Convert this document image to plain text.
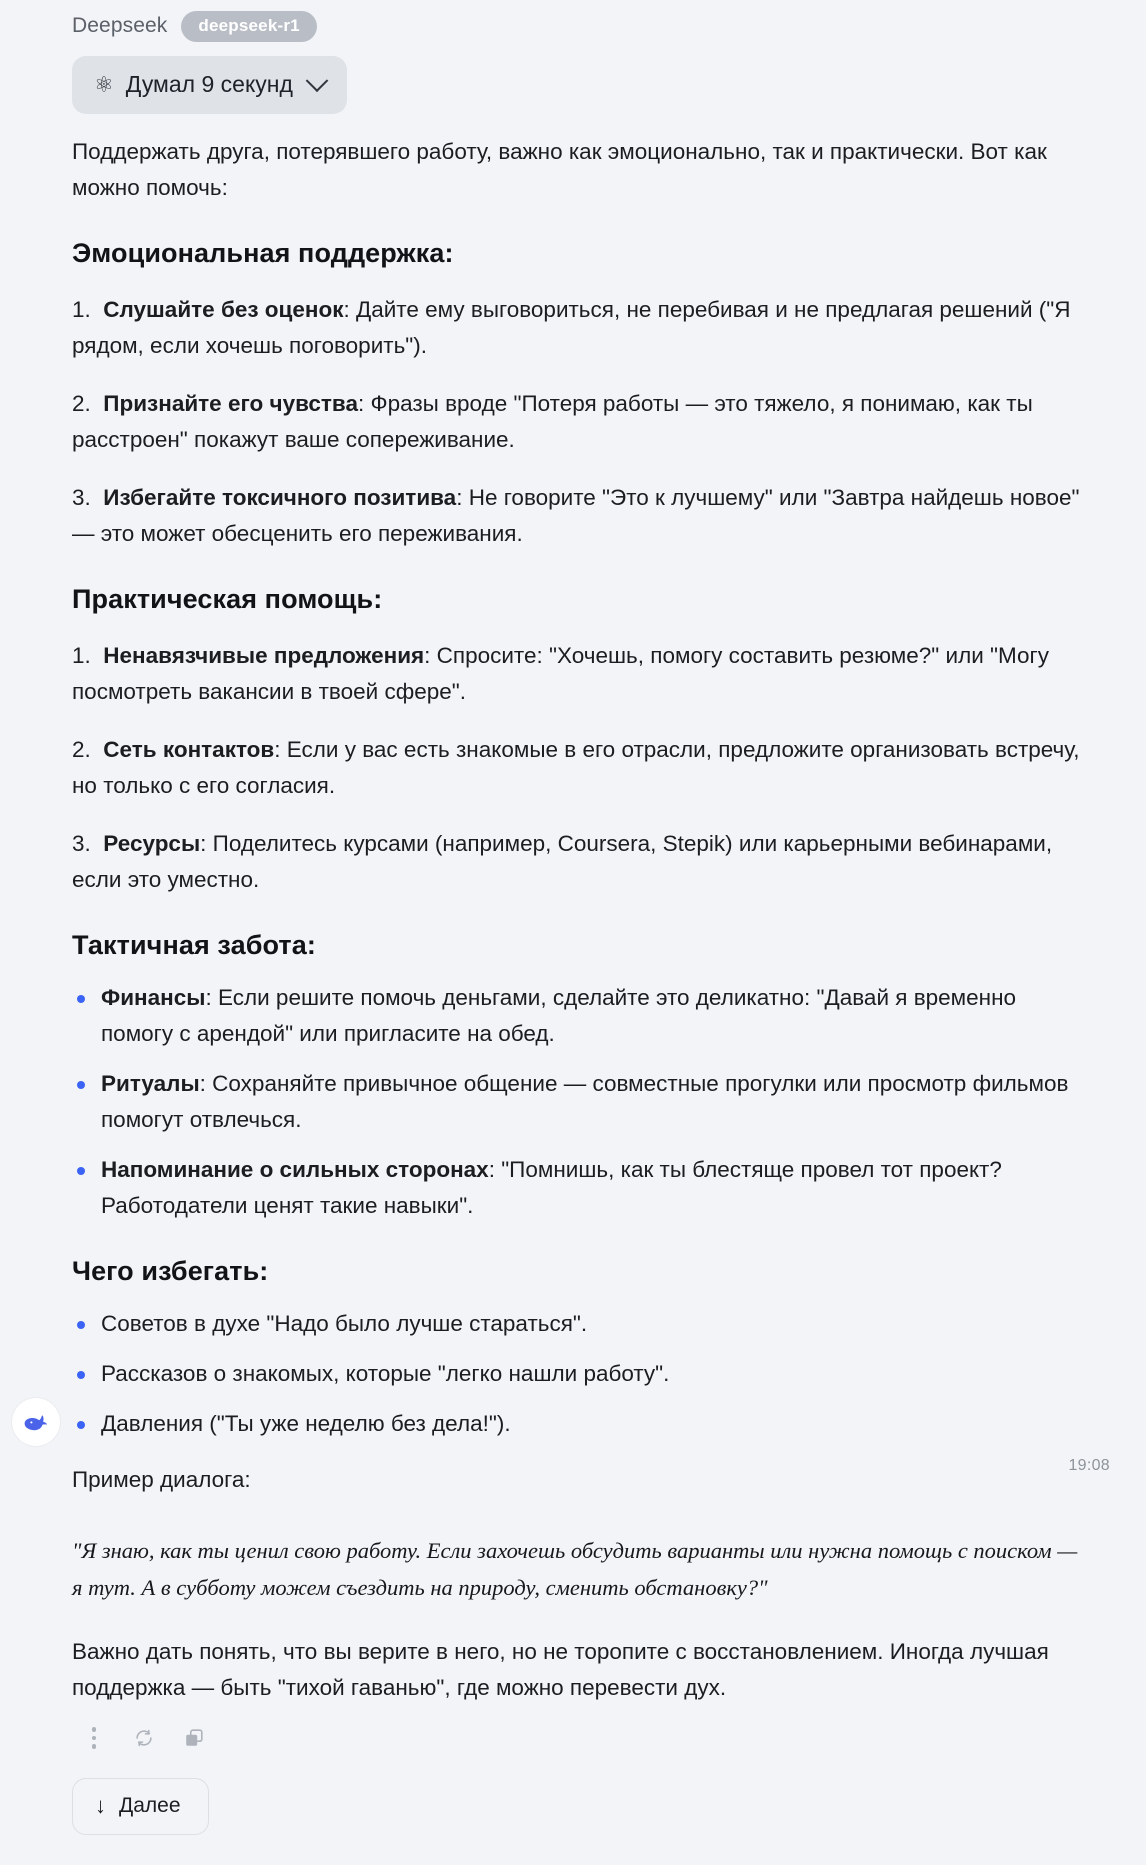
Deepseek	deepseek-r1
⚛ Думал 9 секунд

Поддержать друга, потерявшего работу, важно как эмоционально, так и практически. Вот как можно помочь:

Эмоциональная поддержка:

1. Слушайте без оценок: Дайте ему выговориться, не перебивая и не предлагая решений ("Я рядом, если хочешь поговорить").

2. Признайте его чувства: Фразы вроде "Потеря работы — это тяжело, я понимаю, как ты расстроен" покажут ваше сопереживание.

3. Избегайте токсичного позитива: Не говорите "Это к лучшему" или "Завтра найдешь новое" — это может обесценить его переживания.

Практическая помощь:

1. Ненавязчивые предложения: Спросите: "Хочешь, помогу составить резюме?" или "Могу посмотреть вакансии в твоей сфере".

2. Сеть контактов: Если у вас есть знакомые в его отрасли, предложите организовать встречу, но только с его согласия.

3. Ресурсы: Поделитесь курсами (например, Coursera, Stepik) или карьерными вебинарами, если это уместно.

Тактичная забота:
Финансы: Если решите помочь деньгами, сделайте это деликатно: "Давай я временно помогу с арендой" или пригласите на обед.
Ритуалы: Сохраняйте привычное общение — совместные прогулки или просмотр фильмов помогут отвлечься.
Напоминание о сильных сторонах: "Помнишь, как ты блестяще провел тот проект? Работодатели ценят такие навыки".
Чего избегать:
Советов в духе "Надо было лучше стараться".
Рассказов о знакомых, которые "легко нашли работу".
Давления ("Ты уже неделю без дела!").

Пример диалога:

"Я знаю, как ты ценил свою работу. Если захочешь обсудить варианты или нужна помощь с поиском — я тут. А в субботу можем съездить на природу, сменить обстановку?"

Важно дать понять, что вы верите в него, но не торопите с восстановлением. Иногда лучшая поддержка — быть "тихой гаванью", где можно перевести дух.

19:08
↓ Далее
